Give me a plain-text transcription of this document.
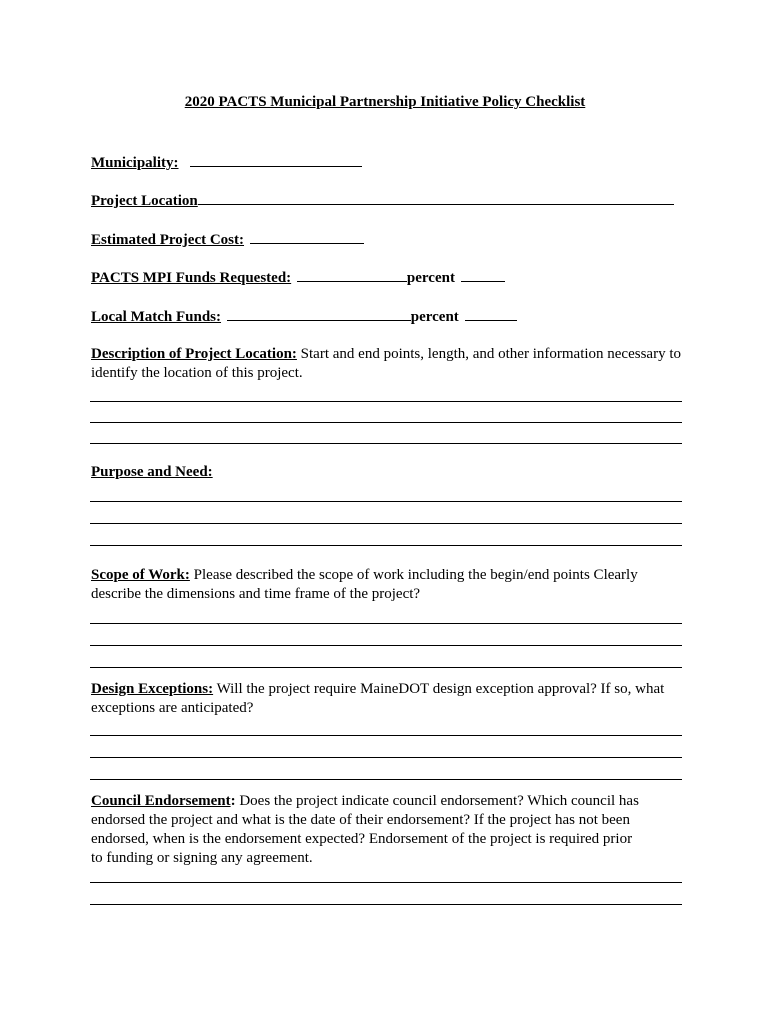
2020 PACTS Municipal Partnership Initiative Policy Checklist
Municipality:
Project Location
Estimated Project Cost:
PACTS MPI Funds Requested:	percent
Local Match Funds:	percent
Description of Project Location: Start and end points, length, and other information necessary to identify the location of this project.
Purpose and Need:
Scope of Work: Please described the scope of work including the begin/end points Clearly describe the dimensions and time frame of the project?
Design Exceptions: Will the project require MaineDOT design exception approval? If so, what exceptions are anticipated?
Council Endorsement: Does the project indicate council endorsement? Which council has endorsed the project and what is the date of their endorsement? If the project has not been endorsed, when is the endorsement expected? Endorsement of the project is required prior to funding or signing any agreement.
